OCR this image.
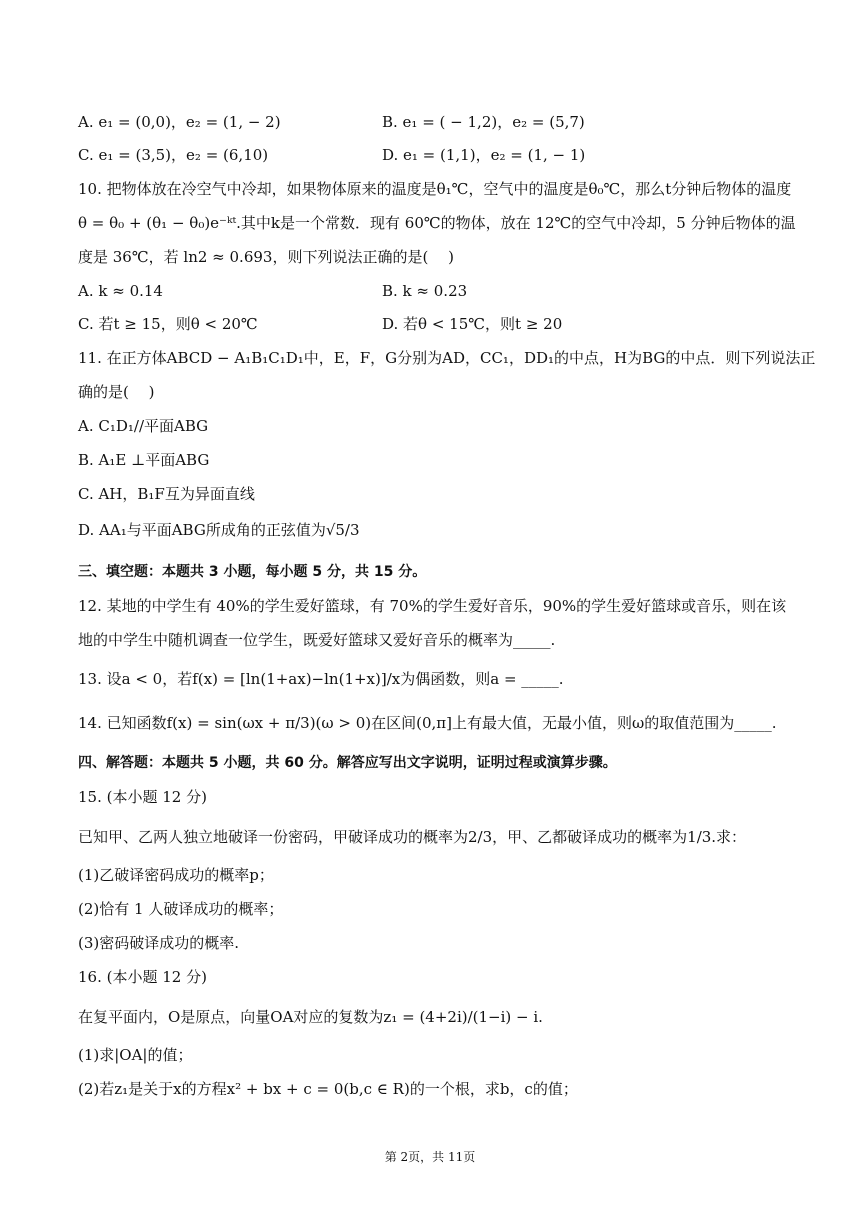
A. e₁ = (0,0)，e₂ = (1, − 2)	B. e₁ = ( − 1,2)，e₂ = (5,7)
C. e₁ = (3,5)，e₂ = (6,10)	D. e₁ = (1,1)，e₂ = (1, − 1)
10. 把物体放在冷空气中冷却，如果物体原来的温度是θ₁℃，空气中的温度是θ₀℃，那么t分钟后物体的温度
θ = θ₀ + (θ₁ − θ₀)e⁻ᵏᵗ.其中k是一个常数．现有 60℃的物体，放在 12℃的空气中冷却，5 分钟后物体的温
度是 36℃，若 ln2 ≈ 0.693，则下列说法正确的是(　 )
A. k ≈ 0.14	B. k ≈ 0.23
C. 若t ≥ 15，则θ < 20℃	D. 若θ < 15℃，则t ≥ 20
11. 在正方体ABCD − A₁B₁C₁D₁中，E，F，G分别为AD，CC₁，DD₁的中点，H为BG的中点．则下列说法正
确的是(　 )
A. C₁D₁//平面ABG
B. A₁E ⊥平面ABG
C. AH，B₁F互为异面直线
D. AA₁与平面ABG所成角的正弦值为√5/3
三、填空题：本题共 3 小题，每小题 5 分，共 15 分。
12. 某地的中学生有 40%的学生爱好篮球，有 70%的学生爱好音乐，90%的学生爱好篮球或音乐，则在该
地的中学生中随机调查一位学生，既爱好篮球又爱好音乐的概率为_____.
13. 设a < 0，若f(x) = [ln(1+ax)−ln(1+x)]/x为偶函数，则a = _____.
14. 已知函数f(x) = sin(ωx + π/3)(ω > 0)在区间(0,π]上有最大值，无最小值，则ω的取值范围为_____.
四、解答题：本题共 5 小题，共 60 分。解答应写出文字说明，证明过程或演算步骤。
15. (本小题 12 分)
已知甲、乙两人独立地破译一份密码，甲破译成功的概率为2/3，甲、乙都破译成功的概率为1/3.求：
(1)乙破译密码成功的概率p；
(2)恰有 1 人破译成功的概率；
(3)密码破译成功的概率.
16. (本小题 12 分)
在复平面内，O是原点，向量OA对应的复数为z₁ = (4+2i)/(1−i) − i.
(1)求|OA|的值；
(2)若z₁是关于x的方程x² + bx + c = 0(b,c ∈ R)的一个根，求b，c的值；
第 2页，共 11页
